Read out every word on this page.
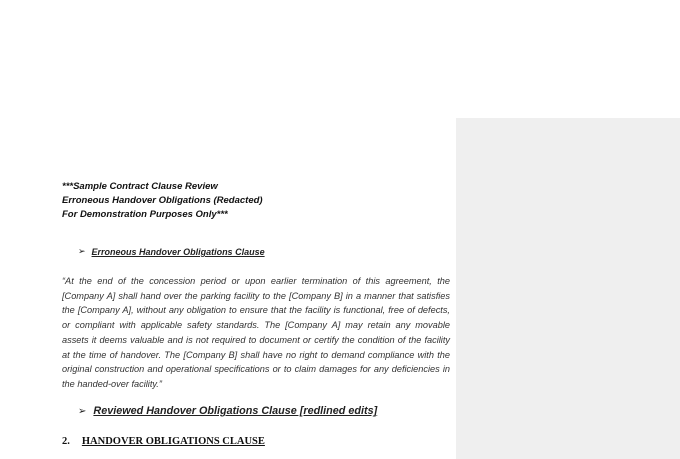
***Sample Contract Clause Review
Erroneous Handover Obligations (Redacted)
For Demonstration Purposes Only***
➢ Erroneous Handover Obligations Clause

“At the end of the concession period or upon earlier termination of this agreement, the [Company A] shall hand over the parking facility to the [Company B] in a manner that satisfies the [Company A], without any obligation to ensure that the facility is functional, free of defects, or compliant with applicable safety standards. The [Company A] may retain any movable assets it deems valuable and is not required to document or certify the condition of the facility at the time of handover. The [Company B] shall have no right to demand compliance with the original construction and operational specifications or to claim damages for any deficiencies in the handed-over facility.”

➢ Reviewed Handover Obligations Clause [redlined edits]
2. HANDOVER OBLIGATIONS CLAUSE
